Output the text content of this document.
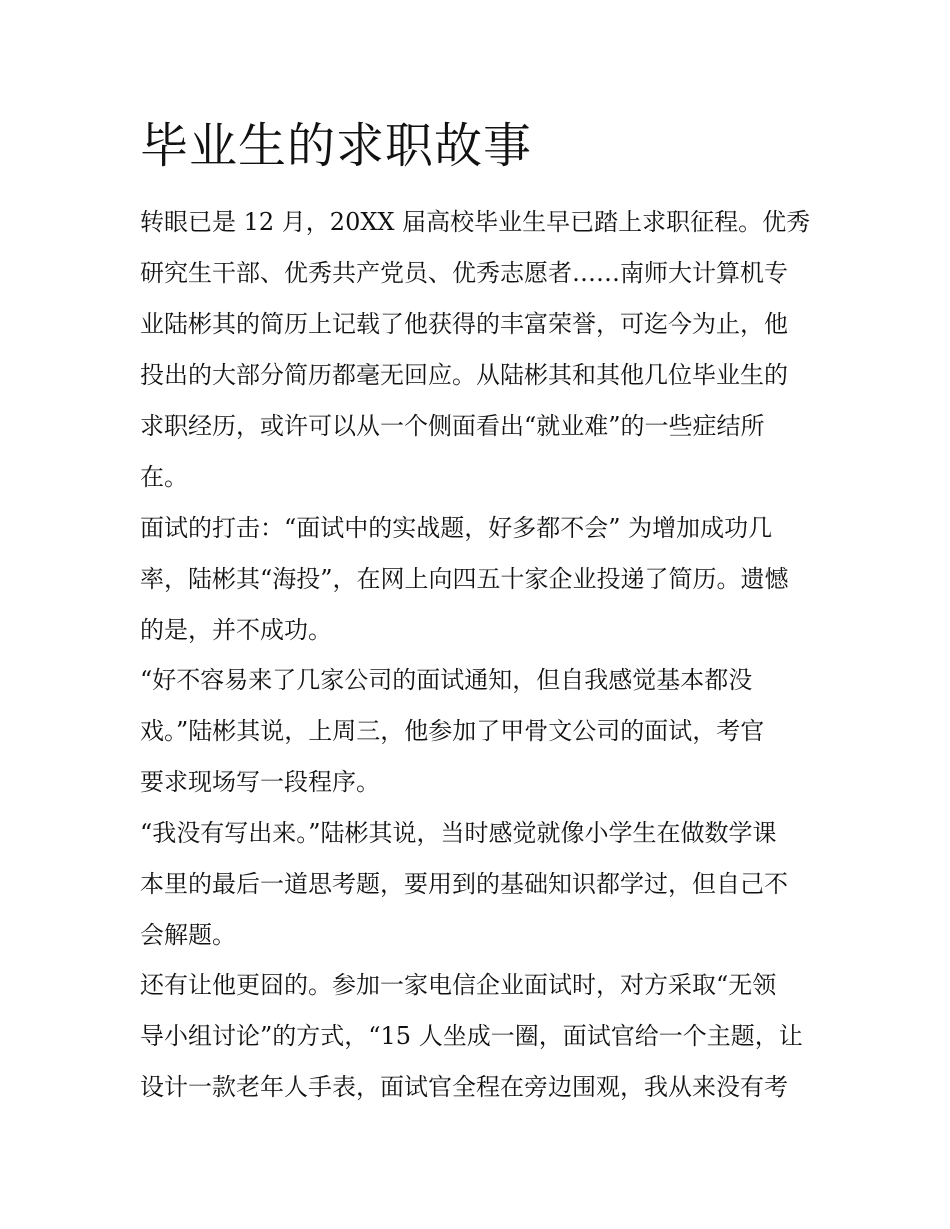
毕业生的求职故事

转眼已是 12 月，20XX 届高校毕业生早已踏上求职征程。优秀

研究生干部、优秀共产党员、优秀志愿者……南师大计算机专

业陆彬其的简历上记载了他获得的丰富荣誉，可迄今为止，他

投出的大部分简历都毫无回应。从陆彬其和其他几位毕业生的

求职经历，或许可以从一个侧面看出“就业难”的一些症结所

在。

面试的打击：“面试中的实战题，好多都不会” 为增加成功几

率，陆彬其“海投”，在网上向四五十家企业投递了简历。遗憾

的是，并不成功。

“好不容易来了几家公司的面试通知，但自我感觉基本都没

戏。”陆彬其说，上周三，他参加了甲骨文公司的面试，考官

要求现场写一段程序。

“我没有写出来。”陆彬其说，当时感觉就像小学生在做数学课

本里的最后一道思考题，要用到的基础知识都学过，但自己不

会解题。

还有让他更囧的。参加一家电信企业面试时，对方采取“无领

导小组讨论”的方式，“15 人坐成一圈，面试官给一个主题，让

设计一款老年人手表，面试官全程在旁边围观，我从来没有考
